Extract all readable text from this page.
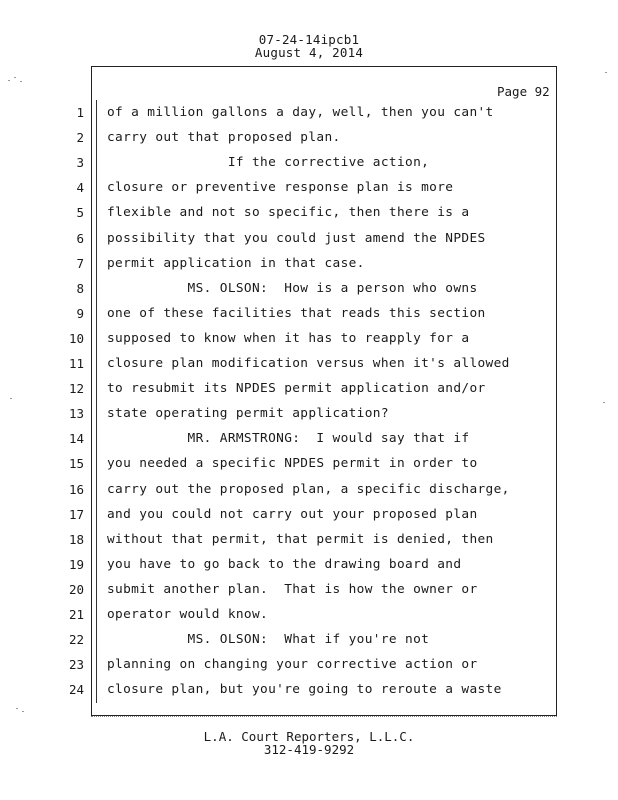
07-24-14ipcb1
August 4, 2014
Page 92
1 of a million gallons a day, well, then you can't
2 carry out that proposed plan.
3 If the corrective action,
4 closure or preventive response plan is more
5 flexible and not so specific, then there is a
6 possibility that you could just amend the NPDES
7 permit application in that case.
8 MS. OLSON:  How is a person who owns
9 one of these facilities that reads this section
10 supposed to know when it has to reapply for a
11 closure plan modification versus when it's allowed
12 to resubmit its NPDES permit application and/or
13 state operating permit application?
14 MR. ARMSTRONG:  I would say that if
15 you needed a specific NPDES permit in order to
16 carry out the proposed plan, a specific discharge,
17 and you could not carry out your proposed plan
18 without that permit, that permit is denied, then
19 you have to go back to the drawing board and
20 submit another plan.  That is how the owner or
21 operator would know.
22 MS. OLSON:  What if you're not
23 planning on changing your corrective action or
24 closure plan, but you're going to reroute a waste
L.A. Court Reporters, L.L.C.
312-419-9292
